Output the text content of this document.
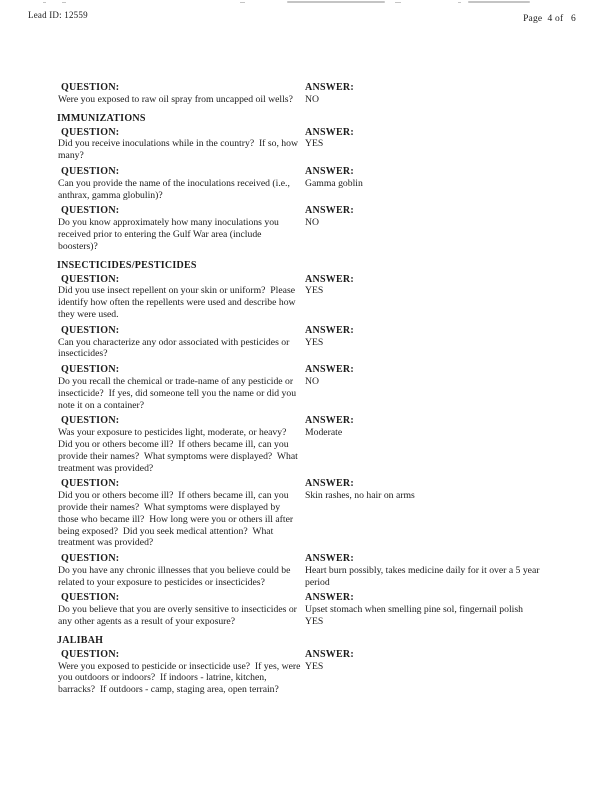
Lead ID: 12559	Page  4 of   6
QUESTION:
Were you exposed to raw oil spray from uncapped oil wells?
ANSWER:
NO
IMMUNIZATIONS
QUESTION:
Did you receive inoculations while in the country?  If so, how many?
ANSWER:
YES
QUESTION:
Can you provide the name of the inoculations received (i.e., anthrax, gamma globulin)?
ANSWER:
Gamma goblin
QUESTION:
Do you know approximately how many inoculations you received prior to entering the Gulf War area (include boosters)?
ANSWER:
NO
INSECTICIDES/PESTICIDES
QUESTION:
Did you use insect repellent on your skin or uniform?  Please identify how often the repellents were used and describe how they were used.
ANSWER:
YES
QUESTION:
Can you characterize any odor associated with pesticides or insecticides?
ANSWER:
YES
QUESTION:
Do you recall the chemical or trade-name of any pesticide or insecticide?  If yes, did someone tell you the name or did you note it on a container?
ANSWER:
NO
QUESTION:
Was your exposure to pesticides light, moderate, or heavy?  Did you or others become ill?  If others became ill, can you provide their names?  What symptoms were displayed?  What treatment was provided?
ANSWER:
Moderate
QUESTION:
Did you or others become ill?  If others became ill, can you provide their names?  What symptoms were displayed by those who became ill?  How long were you or others ill after being exposed?  Did you seek medical attention?  What treatment was provided?
ANSWER:
Skin rashes, no hair on arms
QUESTION:
Do you have any chronic illnesses that you believe could be related to your exposure to pesticides or insecticides?
ANSWER:
Heart burn possibly, takes medicine daily for it over a 5 year period
QUESTION:
Do you believe that you are overly sensitive to insecticides or any other agents as a result of your exposure?
ANSWER:
Upset stomach when smelling pine sol, fingernail polish
YES
JALIBAH
QUESTION:
Were you exposed to pesticide or insecticide use?  If yes, were you outdoors or indoors?  If indoors - latrine, kitchen, barracks?  If outdoors - camp, staging area, open terrain?
ANSWER:
YES
